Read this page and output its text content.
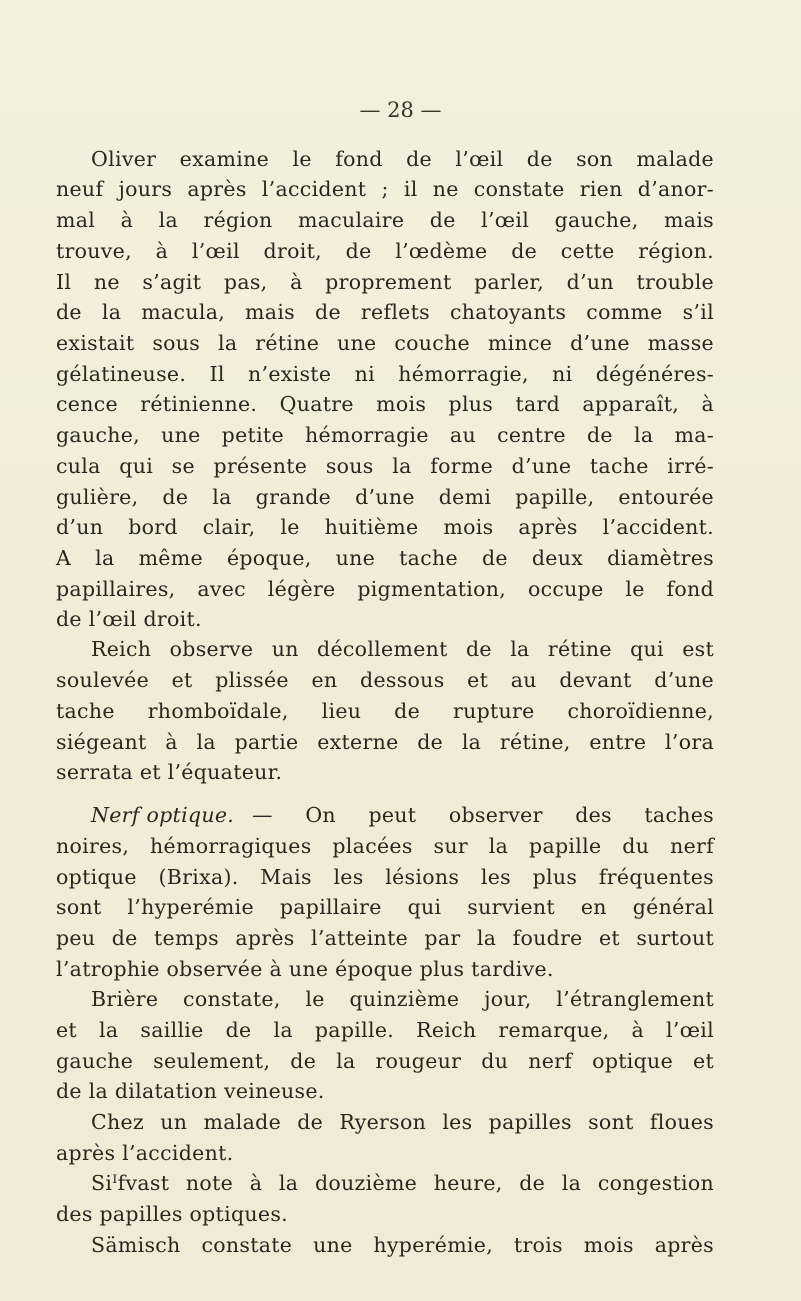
— 28 —
Oliver examine le fond de l’œil de son malade
neuf jours après l’accident ; il ne constate rien d’anor-
mal à la région maculaire de l’œil gauche, mais
trouve, à l’œil droit, de l’œdème de cette région.
Il ne s’agit pas, à proprement parler, d’un trouble
de la macula, mais de reflets chatoyants comme s’il
existait sous la rétine une couche mince d’une masse
gélatineuse. Il n’existe ni hémorragie, ni dégénéres-
cence rétinienne. Quatre mois plus tard apparaît, à
gauche, une petite hémorragie au centre de la ma-
cula qui se présente sous la forme d’une tache irré-
gulière, de la grande d’une demi papille, entourée
d’un bord clair, le huitième mois après l’accident.
A la même époque, une tache de deux diamètres
papillaires, avec légère pigmentation, occupe le fond
de l’œil droit.
Reich observe un décollement de la rétine qui est
soulevée et plissée en dessous et au devant d’une
tache rhomboïdale, lieu de rupture choroïdienne,
siégeant à la partie externe de la rétine, entre l’ora
serrata et l’équateur.
Nerf optique. — On peut observer des taches
noires, hémorragiques placées sur la papille du nerf
optique (Brixa). Mais les lésions les plus fréquentes
sont l’hyperémie papillaire qui survient en général
peu de temps après l’atteinte par la foudre et surtout
l’atrophie observée à une époque plus tardive.
Brière constate, le quinzième jour, l’étranglement
et la saillie de la papille. Reich remarque, à l’œil
gauche seulement, de la rougeur du nerf optique et
de la dilatation veineuse.
Chez un malade de Ryerson les papilles sont floues
après l’accident.
Siᴵfvast note à la douzième heure, de la congestion
des papilles optiques.
Sämisch constate une hyperémie, trois mois après
